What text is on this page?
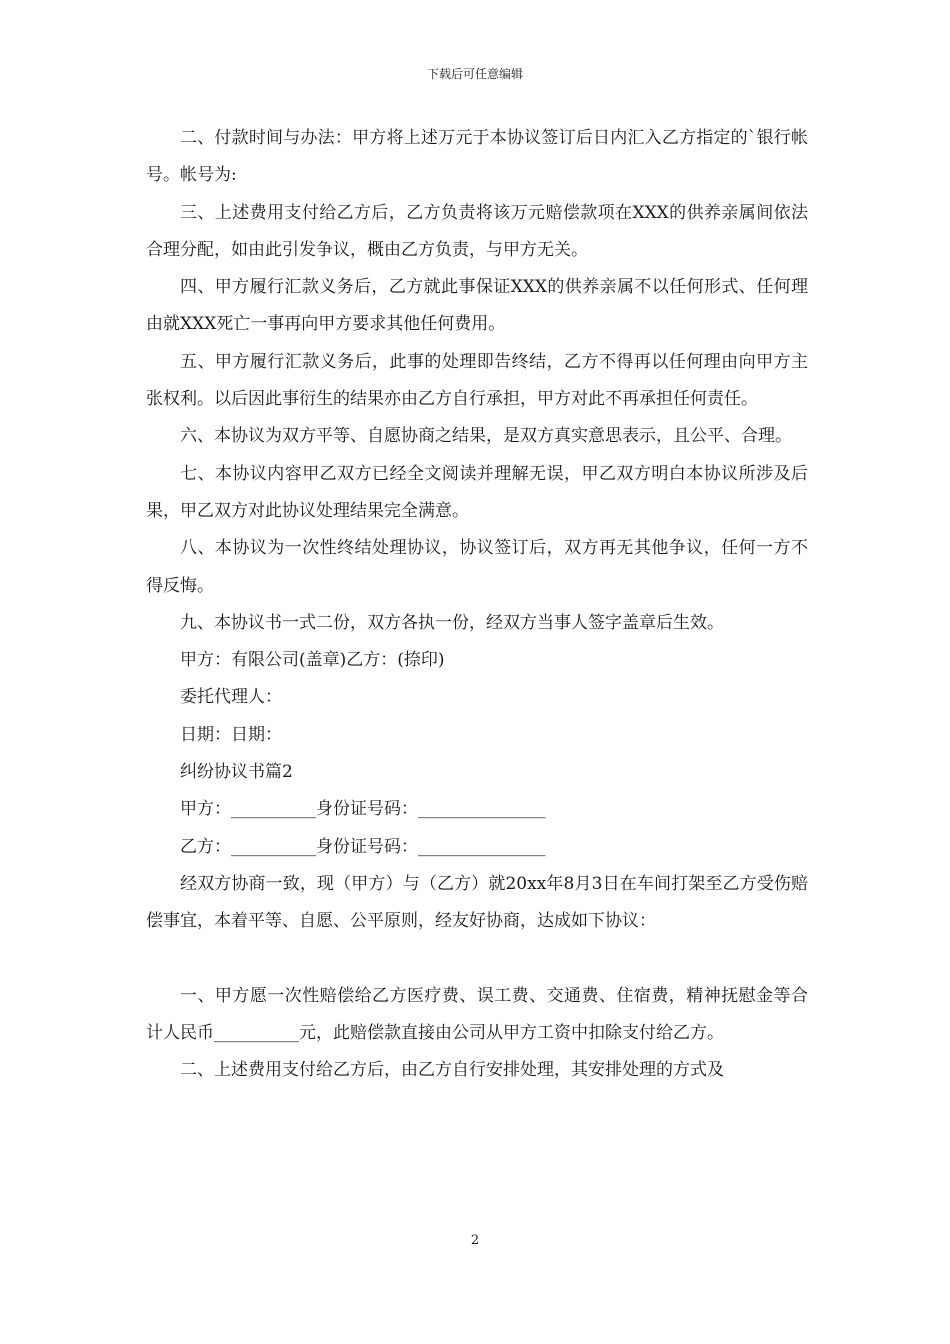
下载后可任意编辑

二、付款时间与办法：甲方将上述万元于本协议签订后日内汇入乙方指定的`银行帐号。帐号为:

三、上述费用支付给乙方后，乙方负责将该万元赔偿款项在XXX的供养亲属间依法合理分配，如由此引发争议，概由乙方负责，与甲方无关。

四、甲方履行汇款义务后，乙方就此事保证XXX的供养亲属不以任何形式、任何理由就XXX死亡一事再向甲方要求其他任何费用。

五、甲方履行汇款义务后，此事的处理即告终结，乙方不得再以任何理由向甲方主张权利。以后因此事衍生的结果亦由乙方自行承担，甲方对此不再承担任何责任。

六、本协议为双方平等、自愿协商之结果，是双方真实意思表示，且公平、合理。

七、本协议内容甲乙双方已经全文阅读并理解无误，甲乙双方明白本协议所涉及后果，甲乙双方对此协议处理结果完全满意。

八、本协议为一次性终结处理协议，协议签订后，双方再无其他争议，任何一方不得反悔。

九、本协议书一式二份，双方各执一份，经双方当事人签字盖章后生效。

甲方：有限公司(盖章)乙方：(捺印)

委托代理人：

日期：日期：

纠纷协议书篇2

甲方：__________身份证号码：_______________

乙方：__________身份证号码：_______________

经双方协商一致，现（甲方）与（乙方）就20xx年8月3日在车间打架至乙方受伤赔偿事宜，本着平等、自愿、公平原则，经友好协商，达成如下协议：

一、甲方愿一次性赔偿给乙方医疗费、误工费、交通费、住宿费，精神抚慰金等合计人民币__________元，此赔偿款直接由公司从甲方工资中扣除支付给乙方。

二、上述费用支付给乙方后，由乙方自行安排处理，其安排处理的方式及

2
